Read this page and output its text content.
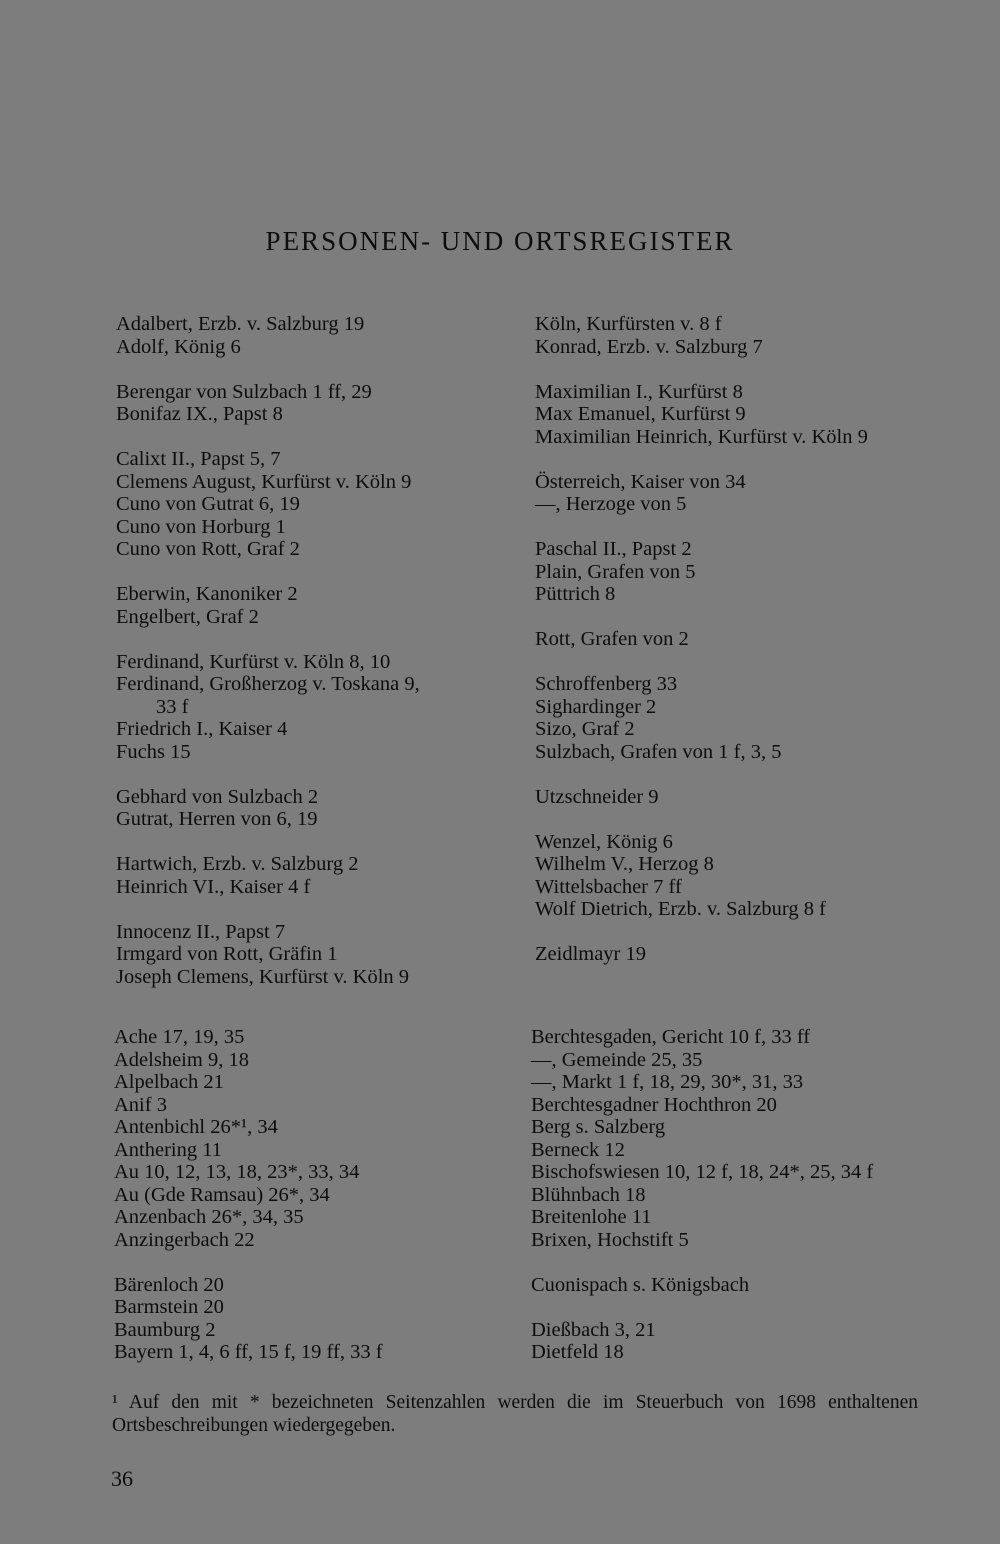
PERSONEN- UND ORTSREGISTER
Adalbert, Erzb. v. Salzburg 19
Adolf, König 6
Berengar von Sulzbach 1 ff, 29
Bonifaz IX., Papst 8
Calixt II., Papst 5, 7
Clemens August, Kurfürst v. Köln 9
Cuno von Gutrat 6, 19
Cuno von Horburg 1
Cuno von Rott, Graf 2
Eberwin, Kanoniker 2
Engelbert, Graf 2
Ferdinand, Kurfürst v. Köln 8, 10
Ferdinand, Großherzog v. Toskana 9,
33 f
Friedrich I., Kaiser 4
Fuchs 15
Gebhard von Sulzbach 2
Gutrat, Herren von 6, 19
Hartwich, Erzb. v. Salzburg 2
Heinrich VI., Kaiser 4 f
Innocenz II., Papst 7
Irmgard von Rott, Gräfin 1
Joseph Clemens, Kurfürst v. Köln 9
Köln, Kurfürsten v. 8 f
Konrad, Erzb. v. Salzburg 7
Maximilian I., Kurfürst 8
Max Emanuel, Kurfürst 9
Maximilian Heinrich, Kurfürst v. Köln 9
Österreich, Kaiser von 34
—, Herzoge von 5
Paschal II., Papst 2
Plain, Grafen von 5
Püttrich 8
Rott, Grafen von 2
Schroffenberg 33
Sighardinger 2
Sizo, Graf 2
Sulzbach, Grafen von 1 f, 3, 5
Utzschneider 9
Wenzel, König 6
Wilhelm V., Herzog 8
Wittelsbacher 7 ff
Wolf Dietrich, Erzb. v. Salzburg 8 f
Zeidlmayr 19
Ache 17, 19, 35
Adelsheim 9, 18
Alpelbach 21
Anif 3
Antenbichl 26*¹, 34
Anthering 11
Au 10, 12, 13, 18, 23*, 33, 34
Au (Gde Ramsau) 26*, 34
Anzenbach 26*, 34, 35
Anzingerbach 22
Bärenloch 20
Barmstein 20
Baumburg 2
Bayern 1, 4, 6 ff, 15 f, 19 ff, 33 f
Berchtesgaden, Gericht 10 f, 33 ff
—, Gemeinde 25, 35
—, Markt 1 f, 18, 29, 30*, 31, 33
Berchtesgadner Hochthron 20
Berg s. Salzberg
Berneck 12
Bischofswiesen 10, 12 f, 18, 24*, 25, 34 f
Blühnbach 18
Breitenlohe 11
Brixen, Hochstift 5
Cuonispach s. Königsbach
Dießbach 3, 21
Dietfeld 18
¹ Auf den mit * bezeichneten Seitenzahlen werden die im Steuerbuch von 1698 enthaltenen Ortsbeschreibungen wiedergegeben.
36
